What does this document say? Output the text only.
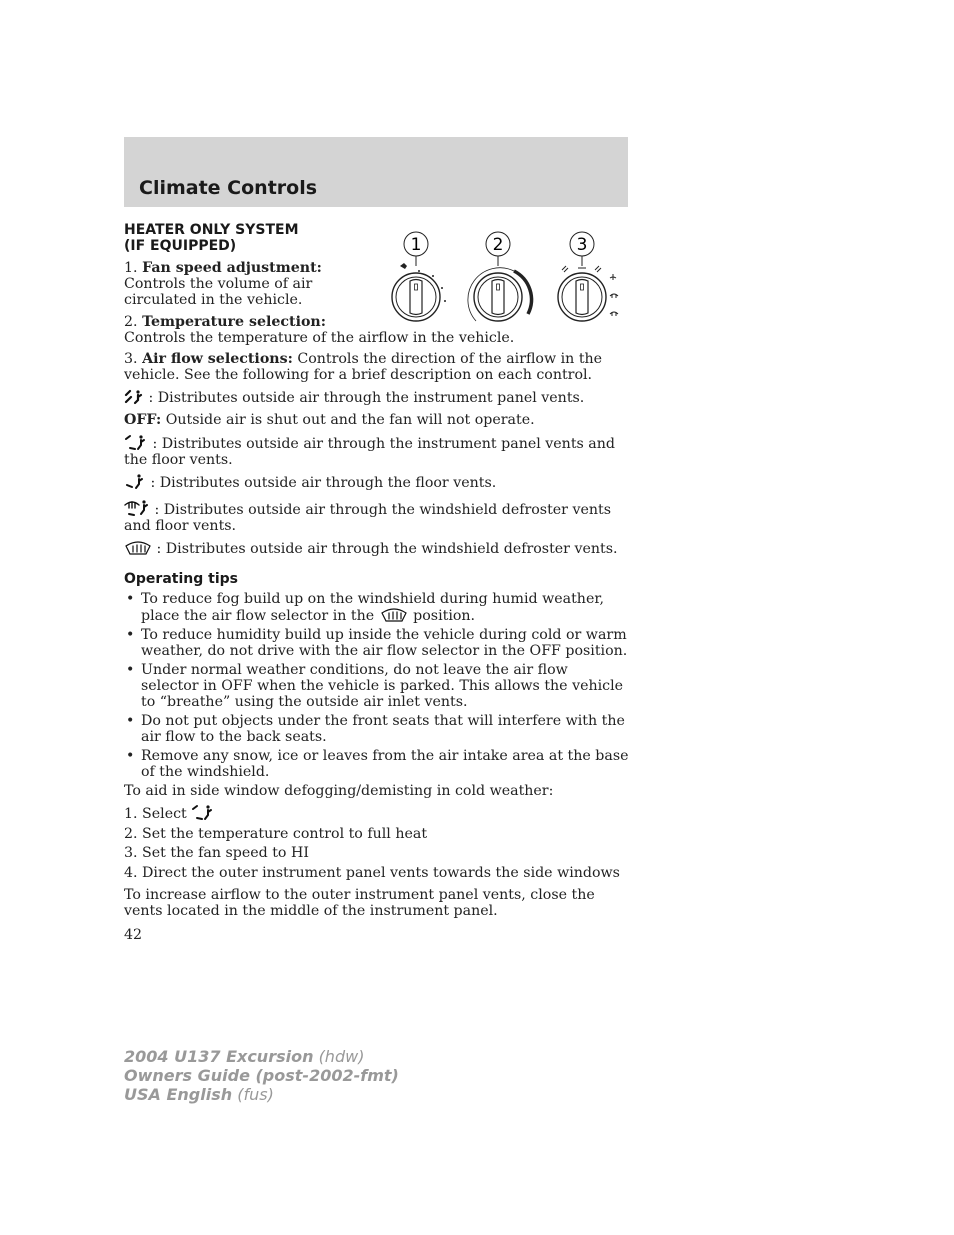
Climate Controls
1	2	3
HEATER ONLY SYSTEM
(IF EQUIPPED)

1. Fan speed adjustment: Controls the volume of air circulated in the vehicle.

2. Temperature selection:
Controls the temperature of the airflow in the vehicle.

3. Air flow selections: Controls the direction of the airflow in the vehicle. See the following for a brief description on each control.

: Distributes outside air through the instrument panel vents.

OFF: Outside air is shut out and the fan will not operate.

: Distributes outside air through the instrument panel vents and the floor vents.

: Distributes outside air through the floor vents.

: Distributes outside air through the windshield defroster vents and floor vents.

: Distributes outside air through the windshield defroster vents.

Operating tips
• To reduce fog build up on the windshield during humid weather, place the air flow selector in the	position.
• To reduce humidity build up inside the vehicle during cold or warm weather, do not drive with the air flow selector in the OFF position.
• Under normal weather conditions, do not leave the air flow selector in OFF when the vehicle is parked. This allows the vehicle to “breathe” using the outside air inlet vents.
• Do not put objects under the front seats that will interfere with the air flow to the back seats.
• Remove any snow, ice or leaves from the air intake area at the base of the windshield.

To aid in side window defogging/demisting in cold weather:

1. Select

2. Set the temperature control to full heat

3. Set the fan speed to HI

4. Direct the outer instrument panel vents towards the side windows

To increase airflow to the outer instrument panel vents, close the vents located in the middle of the instrument panel.

42
2004 U137 Excursion (hdw)
Owners Guide (post-2002-fmt)
USA English (fus)
